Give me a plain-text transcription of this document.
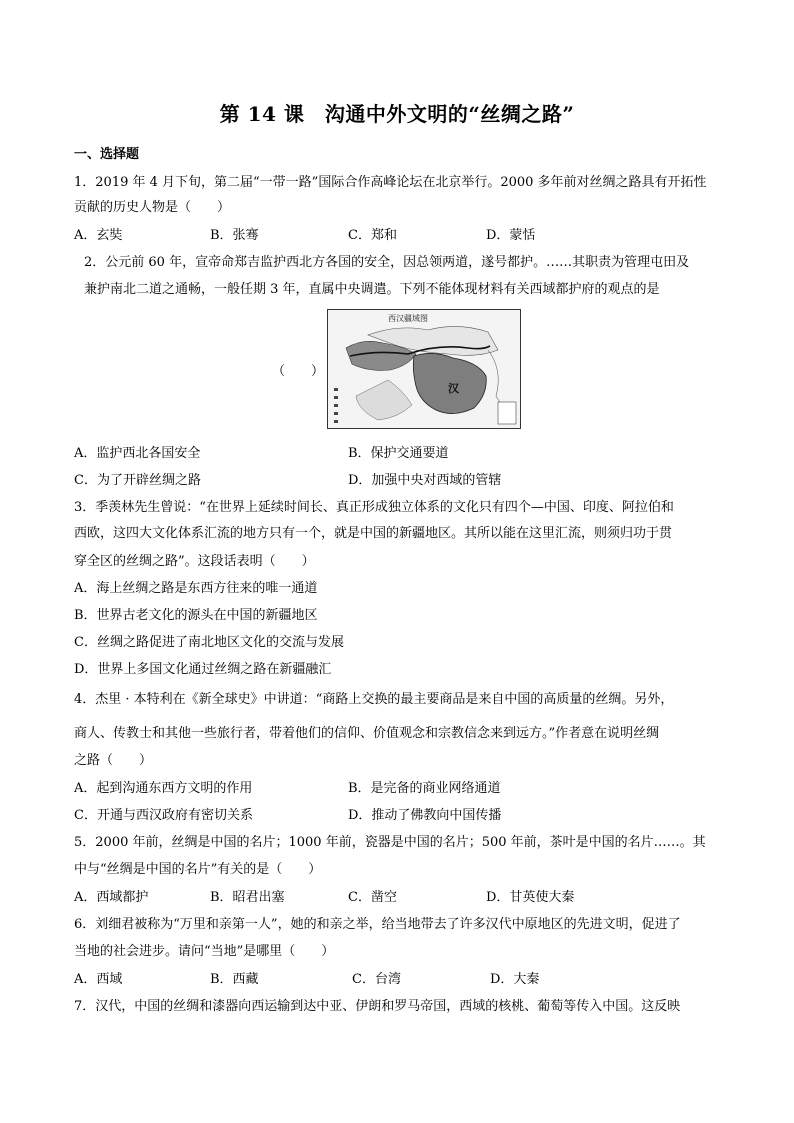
第 14 课　沟通中外文明的“丝绸之路”
一、选择题
1．2019 年 4 月下旬，第二届“一带一路”国际合作高峰论坛在北京举行。2000 多年前对丝绸之路具有开拓性
贡献的历史人物是（　　）
A．玄奘	B．张骞	C．郑和	D．蒙恬
2．公元前 60 年，宣帝命郑吉监护西北方各国的安全，因总领两道，遂号都护。……其职责为管理屯田及
兼护南北二道之通畅，一般任期 3 年，直属中央调遣。下列不能体现材料有关西域都护府的观点的是
（　　）
西汉疆域图
汉
A．监护西北各国安全	B．保护交通要道
C．为了开辟丝绸之路	D．加强中央对西域的管辖
3．季羡林先生曾说：“在世界上延续时间长、真正形成独立体系的文化只有四个—中国、印度、阿拉伯和
西欧，这四大文化体系汇流的地方只有一个，就是中国的新疆地区。其所以能在这里汇流，则须归功于贯
穿全区的丝绸之路”。这段话表明（　　）
A．海上丝绸之路是东西方往来的唯一通道
B．世界古老文化的源头在中国的新疆地区
C．丝绸之路促进了南北地区文化的交流与发展
D．世界上多国文化通过丝绸之路在新疆融汇
4．杰里 · 本特利在《新全球史》中讲道：“商路上交换的最主要商品是来自中国的高质量的丝绸。另外，
商人、传教士和其他一些旅行者，带着他们的信仰、价值观念和宗教信念来到远方。”作者意在说明丝绸
之路（　　）
A．起到沟通东西方文明的作用	B．是完备的商业网络通道
C．开通与西汉政府有密切关系	D．推动了佛教向中国传播
5．2000 年前，丝绸是中国的名片；1000 年前，瓷器是中国的名片；500 年前，茶叶是中国的名片……。其
中与“丝绸是中国的名片”有关的是（　　）
A．西域都护	B．昭君出塞	C．凿空	D．甘英使大秦
6．刘细君被称为“万里和亲第一人”，她的和亲之举，给当地带去了许多汉代中原地区的先进文明，促进了
当地的社会进步。请问“当地”是哪里（　　）
A．西域	B．西藏	C．台湾	D．大秦
7．汉代，中国的丝绸和漆器向西运输到达中亚、伊朗和罗马帝国，西域的核桃、葡萄等传入中国。这反映
